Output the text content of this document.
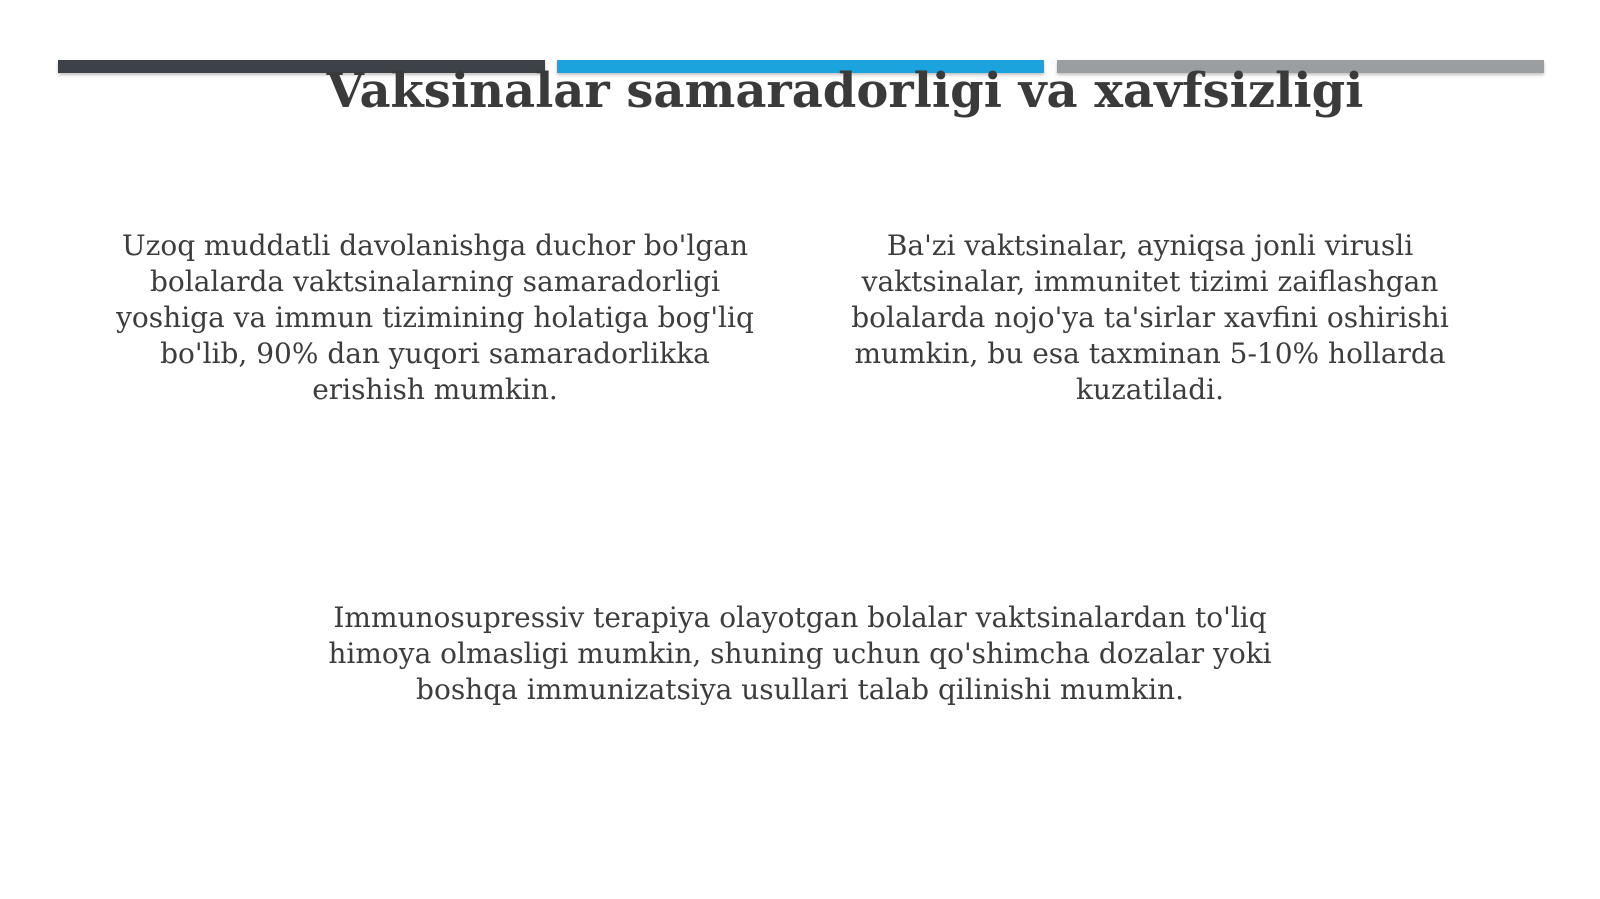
Vaksinalar samaradorligi va xavfsizligi

Uzoq muddatli davolanishga duchor bo'lgan bolalarda vaktsinalarning samaradorligi yoshiga va immun tizimining holatiga bog'liq bo'lib, 90% dan yuqori samaradorlikka erishish mumkin.

Ba'zi vaktsinalar, ayniqsa jonli virusli vaktsinalar, immunitet tizimi zaiflashgan bolalarda nojo'ya ta'sirlar xavfini oshirishi mumkin, bu esa taxminan 5-10% hollarda kuzatiladi.

Immunosupressiv terapiya olayotgan bolalar vaktsinalardan to'liq himoya olmasligi mumkin, shuning uchun qo'shimcha dozalar yoki boshqa immunizatsiya usullari talab qilinishi mumkin.
